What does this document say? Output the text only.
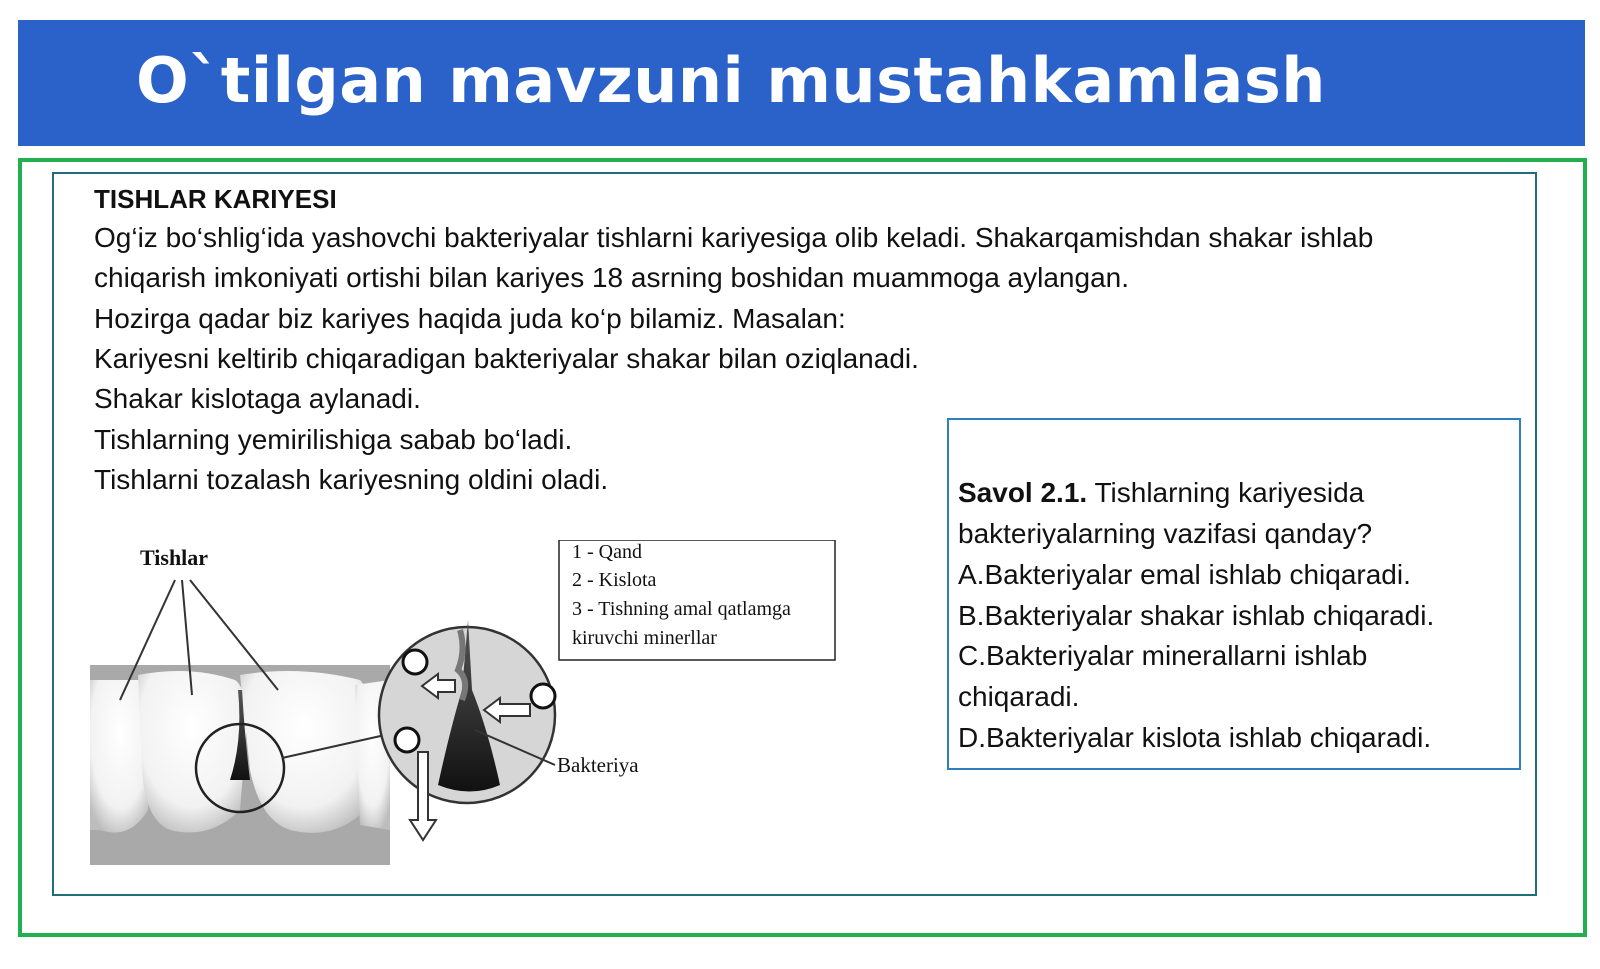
O`tilgan mavzuni mustahkamlash
TISHLAR KARIYESI
Og‘iz bo‘shlig‘ida yashovchi bakteriyalar tishlarni kariyesiga olib keladi. Shakarqamishdan shakar ishlab
chiqarish imkoniyati ortishi bilan kariyes 18 asrning boshidan muammoga aylangan.
Hozirga qadar biz kariyes haqida juda ko‘p bilamiz. Masalan:
Kariyesni keltirib chiqaradigan bakteriyalar shakar bilan oziqlanadi.
Shakar kislotaga aylanadi.
Tishlarning yemirilishiga sabab bo‘ladi.
Tishlarni tozalash kariyesning oldini oladi.	Savol 2.1. Tishlarning kariyesida
bakteriyalarning vazifasi qanday?
A.Bakteriyalar emal ishlab chiqaradi.
B.Bakteriyalar shakar ishlab chiqaradi.
C.Bakteriyalar minerallarni ishlab
chiqaradi.
D.Bakteriyalar kislota ishlab chiqaradi.
Tishlar
Bakteriya
1 - Qand
2 - Kislota
3 - Tishning amal qatlamga
kiruvchi minerllar
